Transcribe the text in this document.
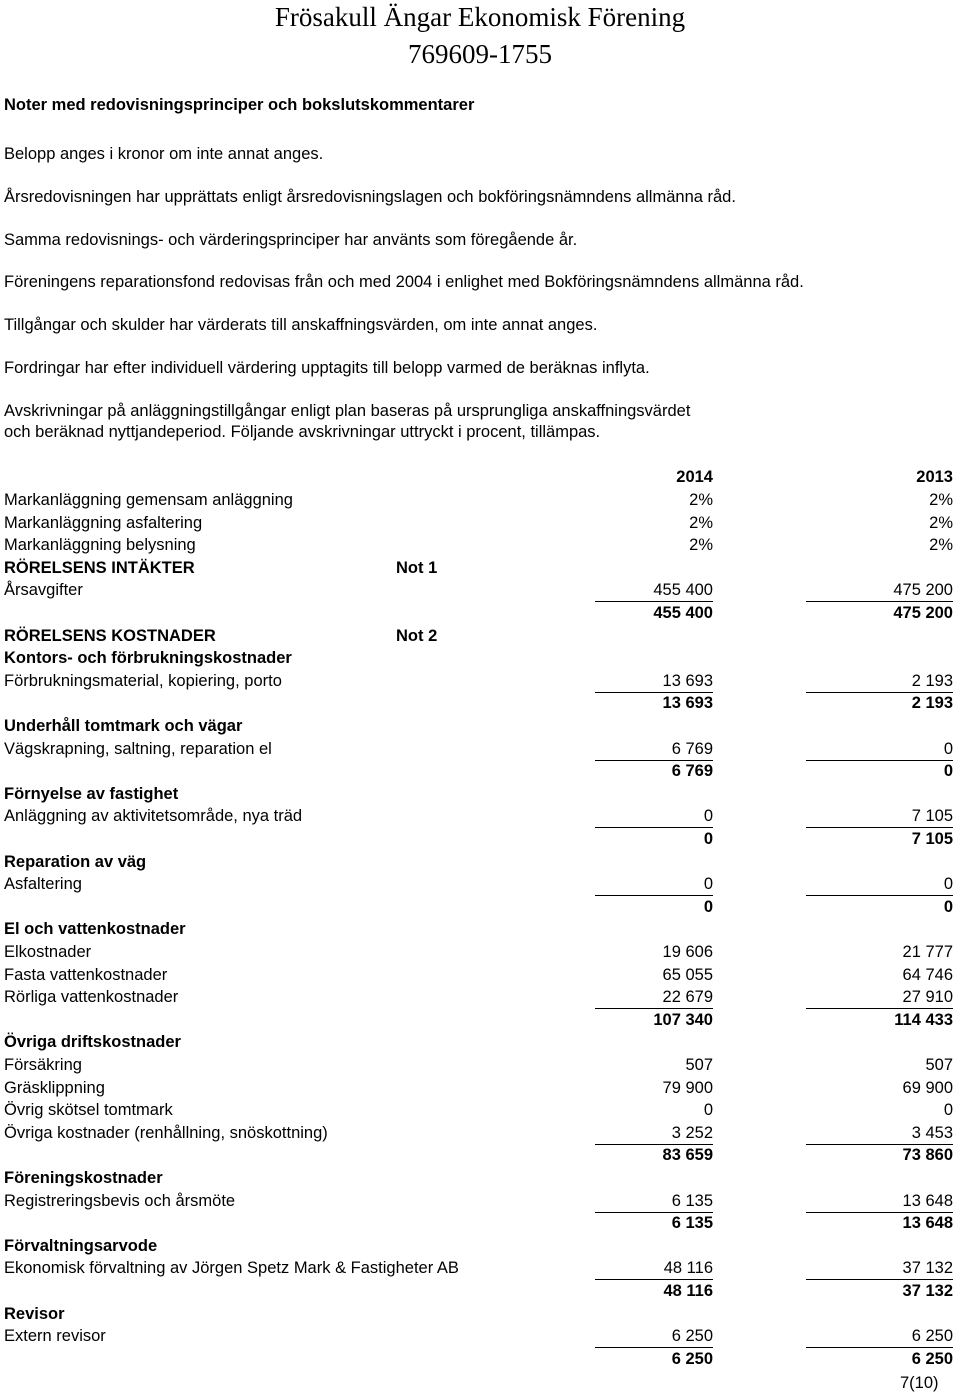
Frösakull Ängar Ekonomisk Förening
769609-1755
Noter med redovisningsprinciper och bokslutskommentarer
Belopp anges i kronor om inte annat anges.
Årsredovisningen har upprättats enligt årsredovisningslagen och bokföringsnämndens allmänna råd.
Samma redovisnings- och värderingsprinciper har använts som föregående år.
Föreningens reparationsfond redovisas från och med 2004 i enlighet med Bokföringsnämndens allmänna råd.
Tillgångar och skulder har värderats till anskaffningsvärden, om inte annat anges.
Fordringar har efter individuell värdering upptagits till belopp varmed de beräknas inflyta.
Avskrivningar på anläggningstillgångar enligt plan baseras på ursprungliga anskaffningsvärdet
och beräknad nyttjandeperiod. Följande avskrivningar uttryckt i procent, tillämpas.
2014	2013
Markanläggning gemensam anläggning	2%	2%
Markanläggning asfaltering	2%	2%
Markanläggning belysning	2%	2%
RÖRELSENS INTÄKTER	Not 1
Årsavgifter	455 400	475 200
455 400	475 200
RÖRELSENS KOSTNADER	Not 2
Kontors- och förbrukningskostnader
Förbrukningsmaterial, kopiering, porto	13 693	2 193
13 693	2 193
Underhåll tomtmark och vägar
Vägskrapning, saltning, reparation el	6 769	0
6 769	0
Förnyelse av fastighet
Anläggning av aktivitetsområde, nya träd	0	7 105
0	7 105
Reparation av väg
Asfaltering	0	0
0	0
El och vattenkostnader
Elkostnader	19 606	21 777
Fasta vattenkostnader	65 055	64 746
Rörliga vattenkostnader	22 679	27 910
107 340	114 433
Övriga driftskostnader
Försäkring	507	507
Gräsklippning	79 900	69 900
Övrig skötsel tomtmark	0	0
Övriga kostnader (renhållning, snöskottning)	3 252	3 453
83 659	73 860
Föreningskostnader
Registreringsbevis och årsmöte	6 135	13 648
6 135	13 648
Förvaltningsarvode
Ekonomisk förvaltning av Jörgen Spetz Mark & Fastigheter AB	48 116	37 132
48 116	37 132
Revisor
Extern revisor	6 250	6 250
6 250	6 250
7(10)
